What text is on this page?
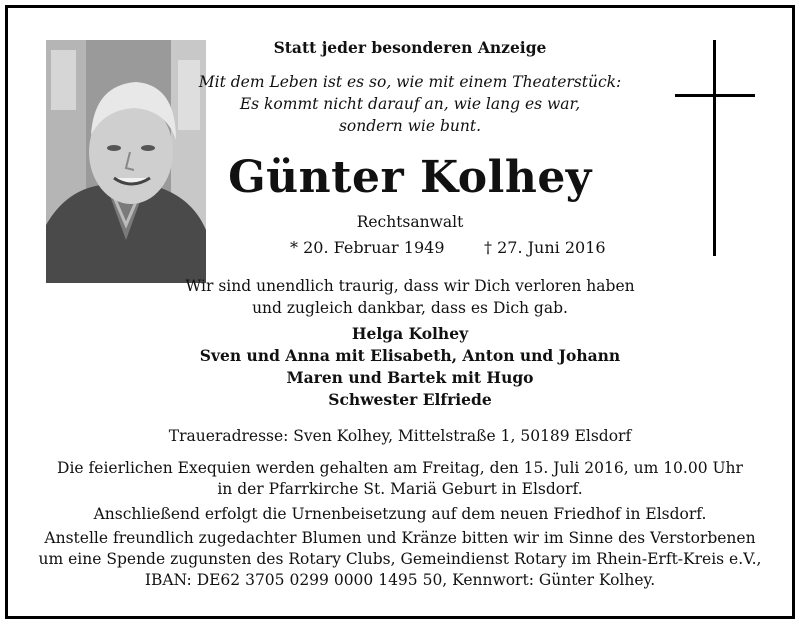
Statt jeder besonderen Anzeige
Mit dem Leben ist es so, wie mit einem Theaterstück:
Es kommt nicht darauf an, wie lang es war,
sondern wie bunt.
Günter Kolhey
Rechtsanwalt
* 20. Februar 1949 † 27. Juni 2016
Wir sind unendlich traurig, dass wir Dich verloren haben
und zugleich dankbar, dass es Dich gab.
Helga Kolhey
Sven und Anna mit Elisabeth, Anton und Johann
Maren und Bartek mit Hugo
Schwester Elfriede
Traueradresse: Sven Kolhey, Mittelstraße 1, 50189 Elsdorf
Die feierlichen Exequien werden gehalten am Freitag, den 15. Juli 2016, um 10.00 Uhr
in der Pfarrkirche St. Mariä Geburt in Elsdorf.
Anschließend erfolgt die Urnenbeisetzung auf dem neuen Friedhof in Elsdorf.
Anstelle freundlich zugedachter Blumen und Kränze bitten wir im Sinne des Verstorbenen
um eine Spende zugunsten des Rotary Clubs, Gemeindienst Rotary im Rhein-Erft-Kreis e.V.,
IBAN: DE62 3705 0299 0000 1495 50, Kennwort: Günter Kolhey.
